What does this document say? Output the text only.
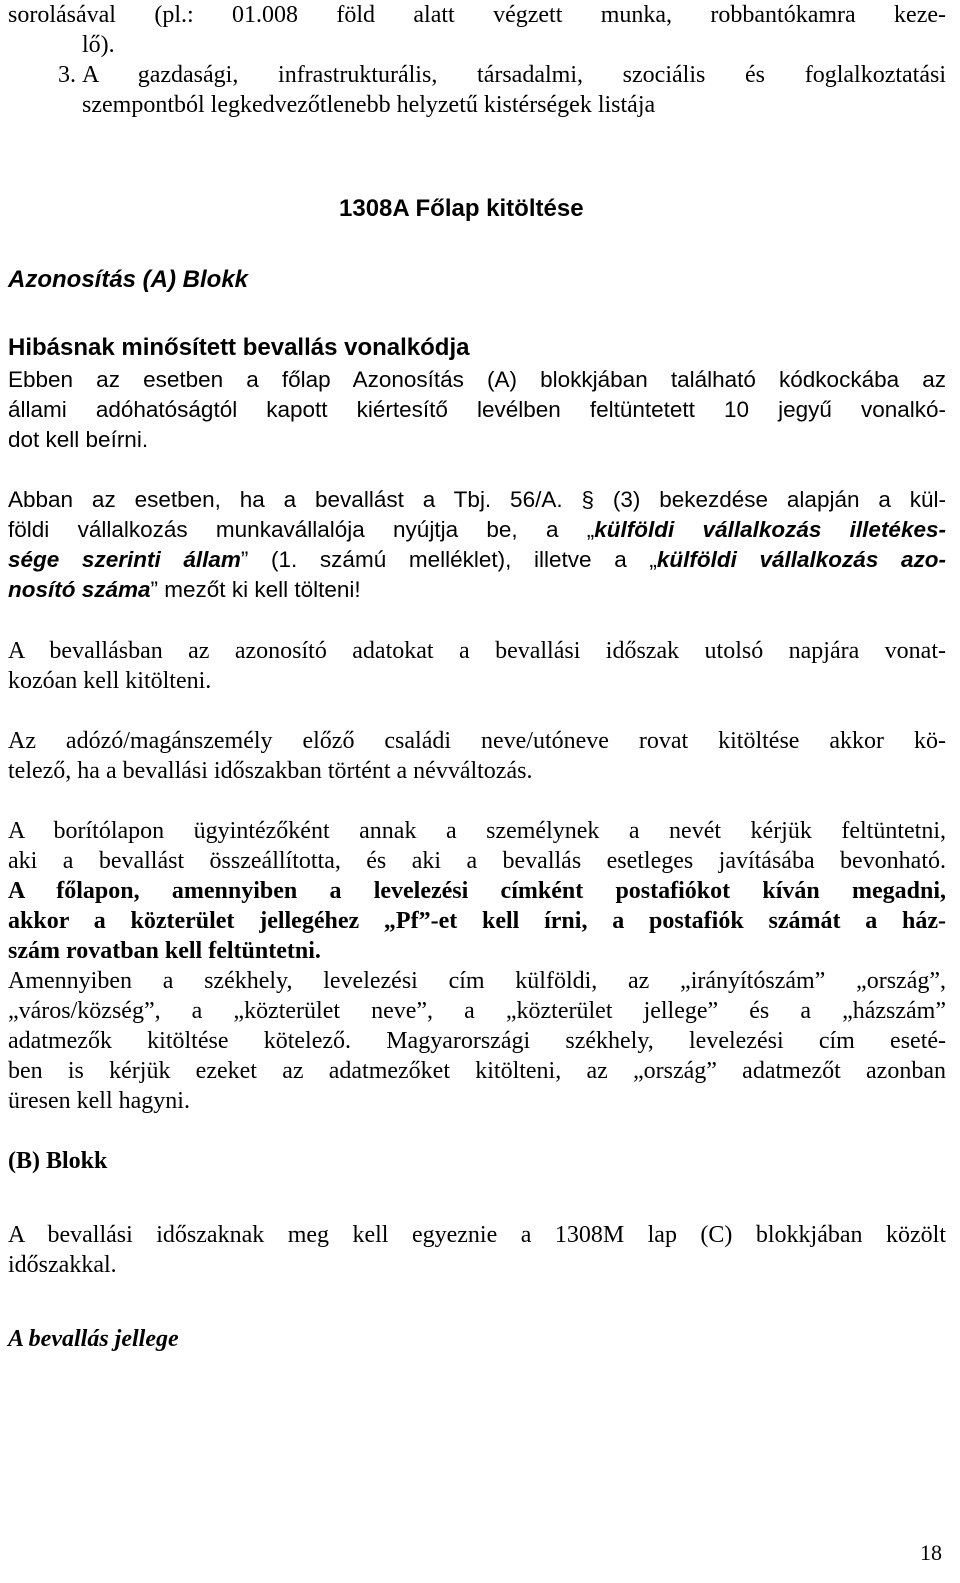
sorolásával (pl.: 01.008 föld alatt végzett munka, robbantókamra keze-

lő).

3. A gazdasági, infrastrukturális, társadalmi, szociális és foglalkoztatási

szempontból legkedvezőtlenebb helyzetű kistérségek listája

1308A Főlap kitöltése
Azonosítás (A) Blokk
Hibásnak minősített bevallás vonalkódja

Ebben az esetben a főlap Azonosítás (A) blokkjában található kódkockába az

állami adóhatóságtól kapott kiértesítő levélben feltüntetett 10 jegyű vonalkó-

dot kell beírni.

Abban az esetben, ha a bevallást a Tbj. 56/A. § (3) bekezdése alapján a kül-

földi vállalkozás munkavállalója nyújtja be, a „külföldi vállalkozás illetékes-

sége szerinti állam” (1. számú melléklet), illetve a „külföldi vállalkozás azo-

nosító száma” mezőt ki kell tölteni!

A bevallásban az azonosító adatokat a bevallási időszak utolsó napjára vonat-

kozóan kell kitölteni.

Az adózó/magánszemély előző családi neve/utóneve rovat kitöltése akkor kö-

telező, ha a bevallási időszakban történt a névváltozás.

A borítólapon ügyintézőként annak a személynek a nevét kérjük feltüntetni,

aki a bevallást összeállította, és aki a bevallás esetleges javításába bevonható.

A főlapon, amennyiben a levelezési címként postafiókot kíván megadni,

akkor a közterület jellegéhez „Pf”-et kell írni, a postafiók számát a ház-

szám rovatban kell feltüntetni.

Amennyiben a székhely, levelezési cím külföldi, az „irányítószám” „ország”,

„város/község”, a „közterület neve”, a „közterület jellege” és a „házszám”

adatmezők kitöltése kötelező. Magyarországi székhely, levelezési cím eseté-

ben is kérjük ezeket az adatmezőket kitölteni, az „ország” adatmezőt azonban

üresen kell hagyni.

(B) Blokk

A bevallási időszaknak meg kell egyeznie a 1308M lap (C) blokkjában közölt

időszakkal.

A bevallás jellege
18
